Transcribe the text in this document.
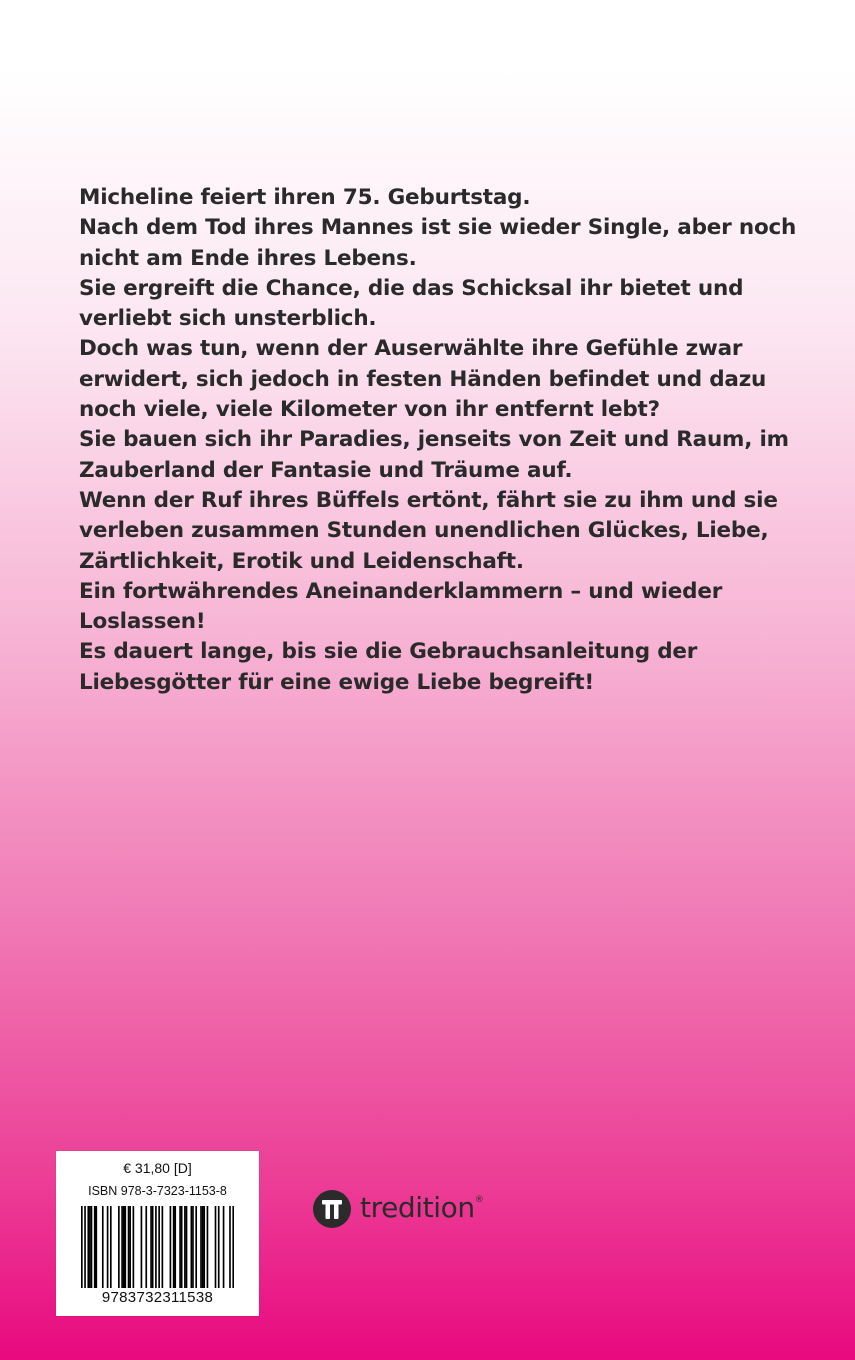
Micheline feiert ihren 75. Geburtstag.

Nach dem Tod ihres Mannes ist sie wieder Single, aber noch
nicht am Ende ihres Lebens.

Sie ergreift die Chance, die das Schicksal ihr bietet und
verliebt sich unsterblich.

Doch was tun, wenn der Auserwählte ihre Gefühle zwar
erwidert, sich jedoch in festen Händen befindet und dazu
noch viele, viele Kilometer von ihr entfernt lebt?

Sie bauen sich ihr Paradies, jenseits von Zeit und Raum, im
Zauberland der Fantasie und Träume auf.

Wenn der Ruf ihres Büffels ertönt, fährt sie zu ihm und sie
verleben zusammen Stunden unendlichen Glückes, Liebe,
Zärtlichkeit, Erotik und Leidenschaft.

Ein fortwährendes Aneinanderklammern – und wieder
Loslassen!

Es dauert lange, bis sie die Gebrauchsanleitung der
Liebesgötter für eine ewige Liebe begreift!

€ 31,80 [D]
ISBN 978-3-7323-1153-8
9783732311538
tredition®
